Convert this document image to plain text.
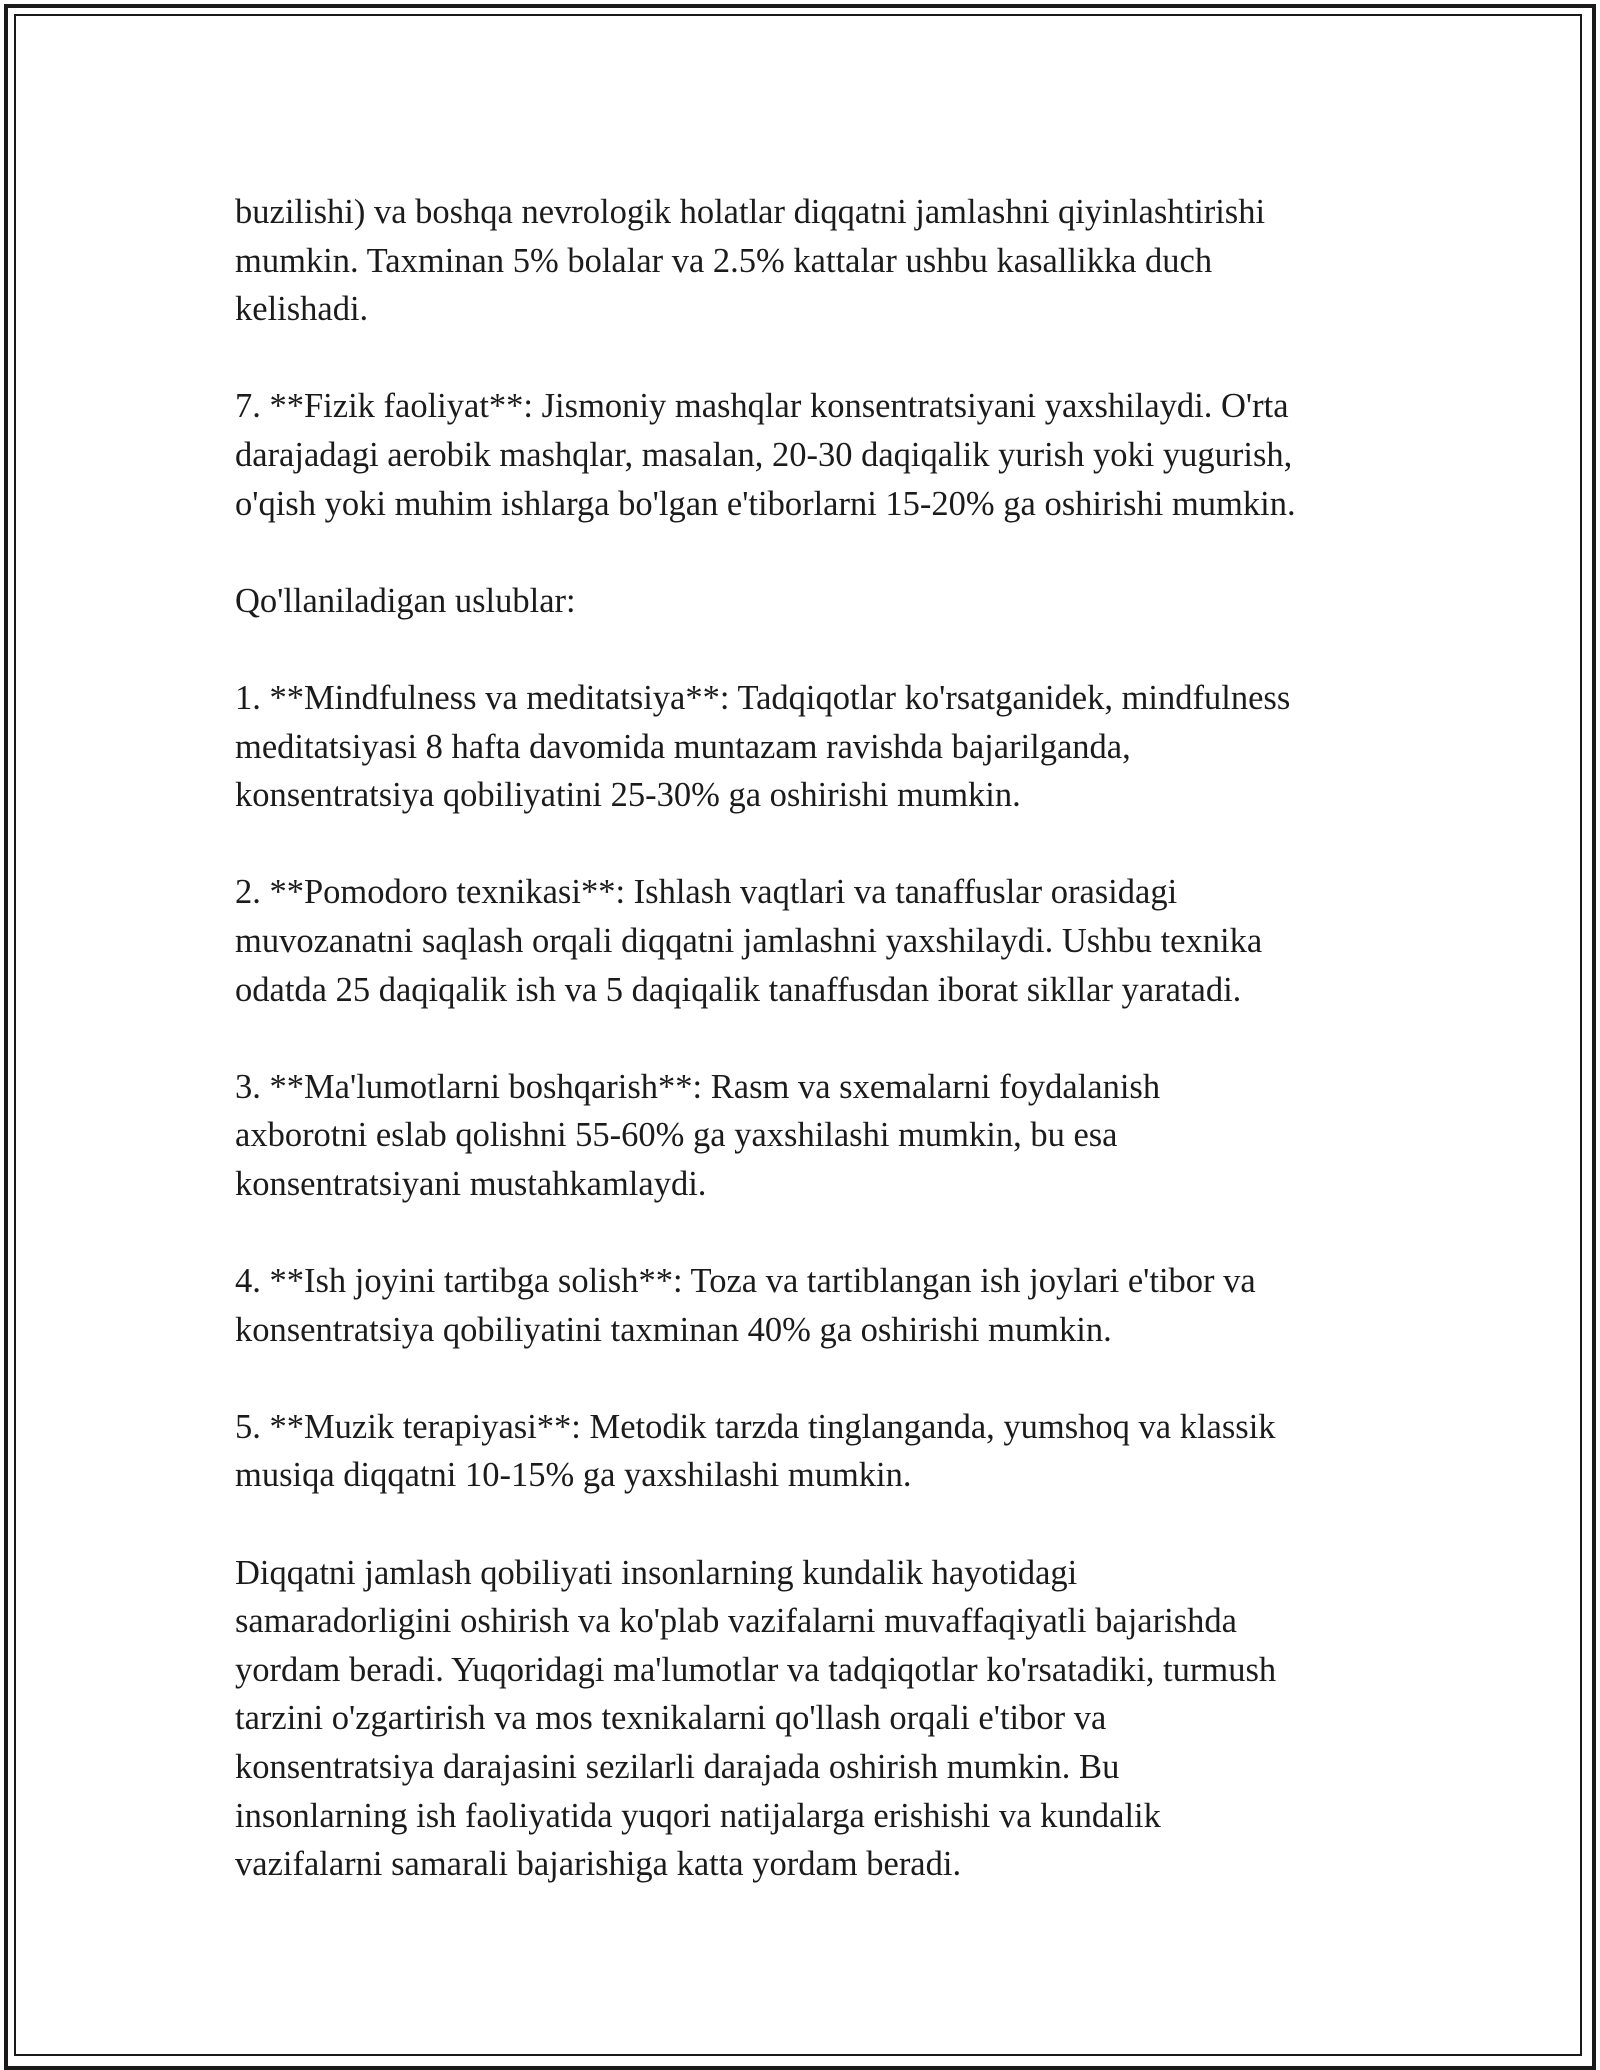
buzilishi) va boshqa nevrologik holatlar diqqatni jamlashni qiyinlashtirishi
mumkin. Taxminan 5% bolalar va 2.5% kattalar ushbu kasallikka duch
kelishadi.

7. **Fizik faoliyat**: Jismoniy mashqlar konsentratsiyani yaxshilaydi. O'rta
darajadagi aerobik mashqlar, masalan, 20-30 daqiqalik yurish yoki yugurish,
o'qish yoki muhim ishlarga bo'lgan e'tiborlarni 15-20% ga oshirishi mumkin.

Qo'llaniladigan uslublar:

1. **Mindfulness va meditatsiya**: Tadqiqotlar ko'rsatganidek, mindfulness
meditatsiyasi 8 hafta davomida muntazam ravishda bajarilganda,
konsentratsiya qobiliyatini 25-30% ga oshirishi mumkin.

2. **Pomodoro texnikasi**: Ishlash vaqtlari va tanaffuslar orasidagi
muvozanatni saqlash orqali diqqatni jamlashni yaxshilaydi. Ushbu texnika
odatda 25 daqiqalik ish va 5 daqiqalik tanaffusdan iborat sikllar yaratadi.

3. **Ma'lumotlarni boshqarish**: Rasm va sxemalarni foydalanish
axborotni eslab qolishni 55-60% ga yaxshilashi mumkin, bu esa
konsentratsiyani mustahkamlaydi.

4. **Ish joyini tartibga solish**: Toza va tartiblangan ish joylari e'tibor va
konsentratsiya qobiliyatini taxminan 40% ga oshirishi mumkin.

5. **Muzik terapiyasi**: Metodik tarzda tinglanganda, yumshoq va klassik
musiqa diqqatni 10-15% ga yaxshilashi mumkin.

Diqqatni jamlash qobiliyati insonlarning kundalik hayotidagi
samaradorligini oshirish va ko'plab vazifalarni muvaffaqiyatli bajarishda
yordam beradi. Yuqoridagi ma'lumotlar va tadqiqotlar ko'rsatadiki, turmush
tarzini o'zgartirish va mos texnikalarni qo'llash orqali e'tibor va
konsentratsiya darajasini sezilarli darajada oshirish mumkin. Bu
insonlarning ish faoliyatida yuqori natijalarga erishishi va kundalik
vazifalarni samarali bajarishiga katta yordam beradi.
